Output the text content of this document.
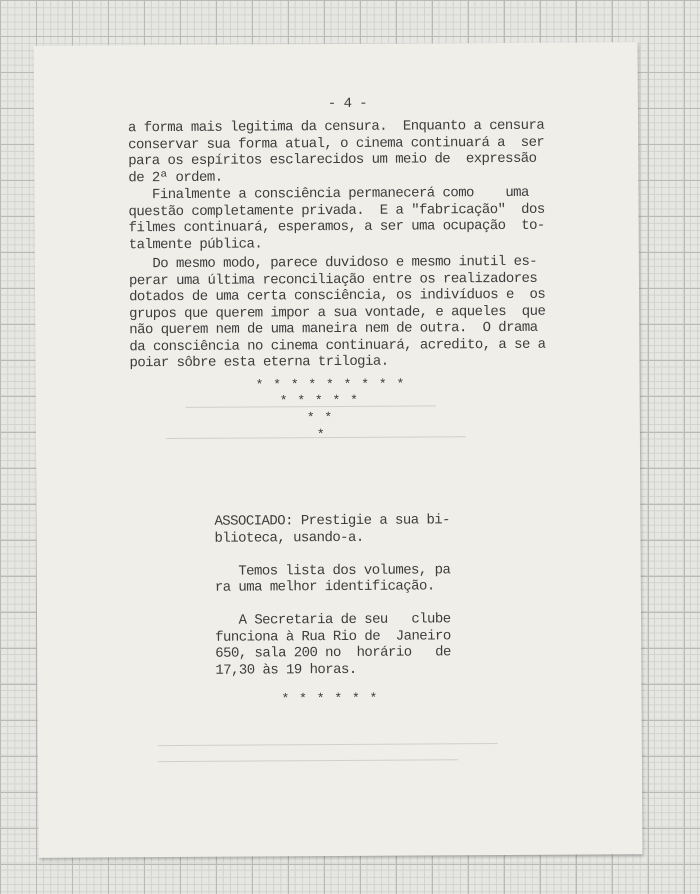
- 4 -

a forma mais legitima da censura.  Enquanto a censura
conservar sua forma atual, o cinema continuará a  ser
para os espíritos esclarecidos um meio de  expressão
de 2ª ordem.

Finalmente a consciência permanecerá como    uma
questão completamente privada.  E a "fabricação"  dos
filmes continuará, esperamos, a ser uma ocupação  to-
talmente pública.

Do mesmo modo, parece duvidoso e mesmo inutil es-
perar uma última reconciliação entre os realizadores
dotados de uma certa consciência, os indivíduos e  os
grupos que querem impor a sua vontade, e aqueles  que
não querem nem de uma maneira nem de outra.  O drama
da consciência no cinema continuará, acredito, a se a
poiar sôbre esta eterna trilogia.

* * * * * * * * *

* * * * *

* *

*

ASSOCIADO: Prestigie a sua bi-
blioteca, usando-a.

Temos lista dos volumes, pa
ra uma melhor identificação.

A Secretaria de seu   clube
funciona à Rua Rio de  Janeiro
650, sala 200 no  horário   de
17,30 às 19 horas.

* * * * * *
